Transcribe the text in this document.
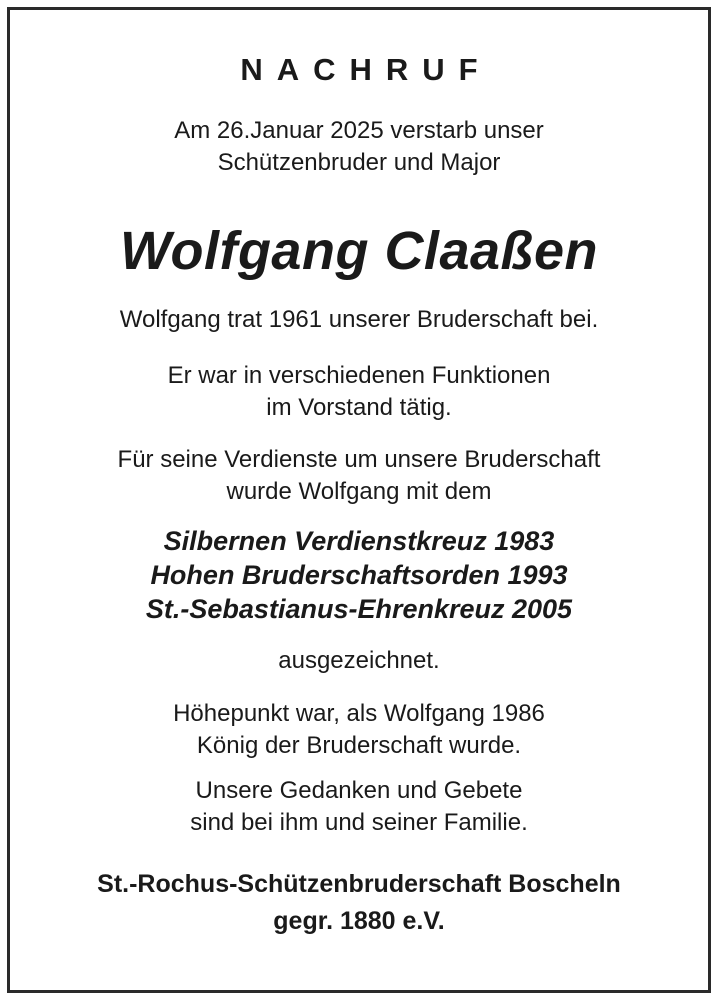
NACHRUF

Am 26.Januar 2025 verstarb unser

Schützenbruder und Major

Wolfgang Claaßen

Wolfgang trat 1961 unserer Bruderschaft bei.

Er war in verschiedenen Funktionen

im Vorstand tätig.

Für seine Verdienste um unsere Bruderschaft

wurde Wolfgang mit dem

Silbernen Verdienstkreuz 1983

Hohen Bruderschaftsorden 1993

St.-Sebastianus-Ehrenkreuz 2005

ausgezeichnet.

Höhepunkt war, als Wolfgang 1986

König der Bruderschaft wurde.

Unsere Gedanken und Gebete

sind bei ihm und seiner Familie.

St.-Rochus-Schützenbruderschaft Boscheln

gegr. 1880 e.V.
